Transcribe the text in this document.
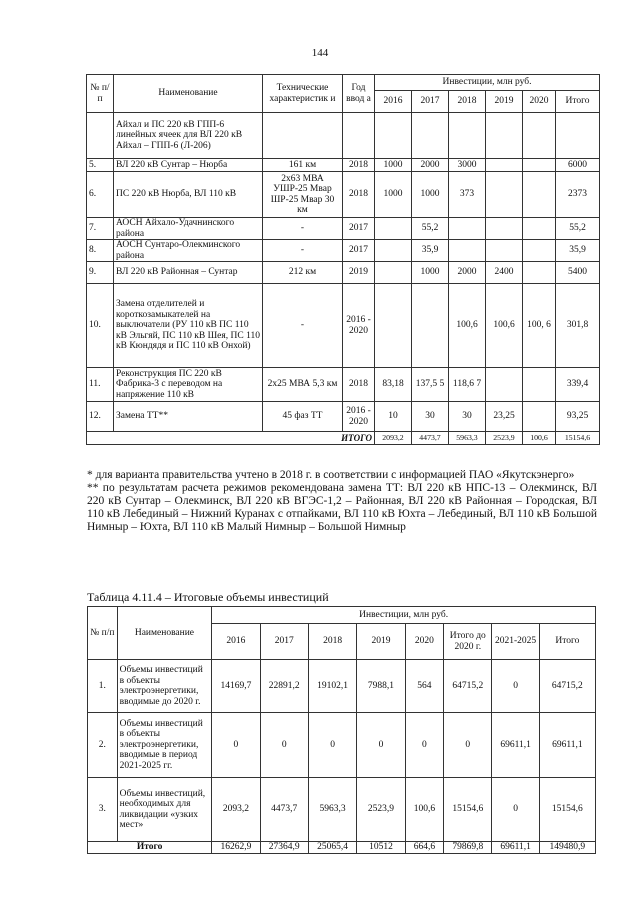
144
№ п/п	Наименование	Технические характеристик и	Год ввод а	Инвестиции, млн руб.					
				2016	2017	2018	2019	2020	Итого
	Айхал и ПС 220 кВ ГПП-6 линейных ячеек для ВЛ 220 кВ Айхал – ГПП-6 (Л-206)								
5.	ВЛ 220 кВ Сунтар – Нюрба	161 км	2018	1000	2000	3000			6000
6.	ПС 220 кВ Нюрба, ВЛ 110 кВ	2х63 МВА УШР-25 Мвар ШР-25 Мвар 30 км	2018	1000	1000	373			2373
7.	АОСН Айхало-Удачнинского района	-	2017		55,2				55,2
8.	АОСН Сунтаро-Олекминского района	-	2017		35,9				35,9
9.	ВЛ 220 кВ Районная – Сунтар	212 км	2019		1000	2000	2400		5400
10.	Замена отделителей и короткозамыкателей на выключатели (РУ 110 кВ ПС 110 кВ Эльгяй, ПС 110 кВ Шея, ПС 110 кВ Кюндядя и ПС 110 кВ Онхой)	-	2016 - 2020			100,6	100,6	100, 6	301,8
11.	Реконструкция ПС 220 кВ Фабрика-3 с переводом на напряжение 110 кВ	2х25 МВА 5,3 км	2018	83,18	137,5 5	118,6 7			339,4
12.	Замена ТТ**	45 фаз ТТ	2016 - 2020	10	30	30	23,25		93,25
ИТОГО				2093,2	4473,7	5963,3	2523,9	100,6	15154,6

* для варианта правительства учтено в 2018 г. в соответствии с информацией ПАО «Якутскэнерго»

** по результатам расчета режимов рекомендована замена ТТ: ВЛ 220 кВ НПС-13 – Олекминск, ВЛ 220 кВ Сунтар – Олекминск, ВЛ 220 кВ ВГЭС-1,2 – Районная, ВЛ 220 кВ Районная – Городская, ВЛ 110 кВ Лебединый – Нижний Куранах с отпайками, ВЛ 110 кВ Юхта – Лебединый, ВЛ 110 кВ Большой Нимныр – Юхта, ВЛ 110 кВ Малый Нимныр – Большой Нимныр

Таблица 4.11.4 – Итоговые объемы инвестиций
№ п/п	Наименование	Инвестиции, млн руб.							
		2016	2017	2018	2019	2020	Итого до 2020 г.	2021-2025	Итого
1.	Объемы инвестиций в объекты электроэнергетики, вводимые до 2020 г.	14169,7	22891,2	19102,1	7988,1	564	64715,2	0	64715,2
2.	Объемы инвестиций в объекты электроэнергетики, вводимые в период 2021-2025 гг.	0	0	0	0	0	0	69611,1	69611,1
3.	Объемы инвестиций, необходимых для ликвидации «узких мест»	2093,2	4473,7	5963,3	2523,9	100,6	15154,6	0	15154,6
Итого		16262,9	27364,9	25065,4	10512	664,6	79869,8	69611,1	149480,9
